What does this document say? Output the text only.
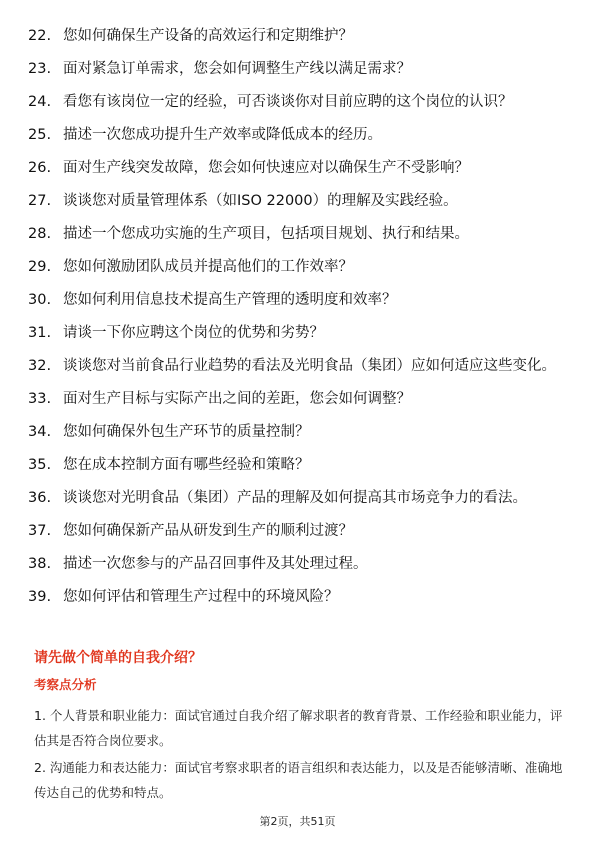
22. 您如何确保生产设备的高效运行和定期维护？
23. 面对紧急订单需求，您会如何调整生产线以满足需求？
24. 看您有该岗位一定的经验，可否谈谈你对目前应聘的这个岗位的认识？
25. 描述一次您成功提升生产效率或降低成本的经历。
26. 面对生产线突发故障，您会如何快速应对以确保生产不受影响？
27. 谈谈您对质量管理体系（如ISO 22000）的理解及实践经验。
28. 描述一个您成功实施的生产项目，包括项目规划、执行和结果。
29. 您如何激励团队成员并提高他们的工作效率？
30. 您如何利用信息技术提高生产管理的透明度和效率？
31. 请谈一下你应聘这个岗位的优势和劣势？
32. 谈谈您对当前食品行业趋势的看法及光明食品（集团）应如何适应这些变化。
33. 面对生产目标与实际产出之间的差距，您会如何调整？
34. 您如何确保外包生产环节的质量控制？
35. 您在成本控制方面有哪些经验和策略？
36. 谈谈您对光明食品（集团）产品的理解及如何提高其市场竞争力的看法。
37. 您如何确保新产品从研发到生产的顺利过渡？
38. 描述一次您参与的产品召回事件及其处理过程。
39. 您如何评估和管理生产过程中的环境风险？
请先做个简单的自我介绍？
考察点分析

1. 个人背景和职业能力：面试官通过自我介绍了解求职者的教育背景、工作经验和职业能力，评估其是否符合岗位要求。

2. 沟通能力和表达能力：面试官考察求职者的语言组织和表达能力，以及是否能够清晰、准确地传达自己的优势和特点。

第2页，共51页
